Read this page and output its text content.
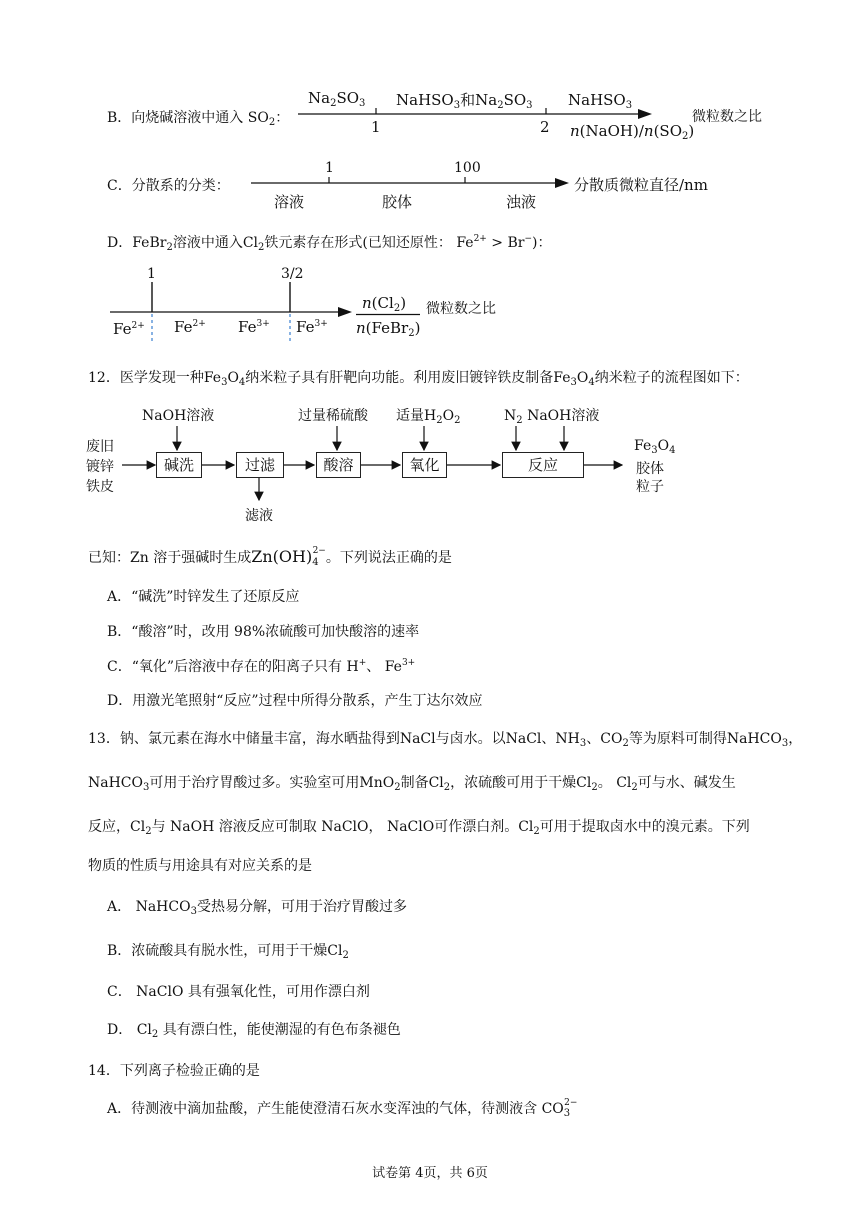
B．向烧碱溶液中通入 $SO_2$：
$Na_2SO_3$ NaHSO$_3$和$Na_2SO_3$ NaHSO$_3$
1	2 $n(NaOH)/n(SO_2)$
微粒数之比
C．分散系的分类：
1	100
溶液	胶体	浊液
分散质微粒直径/nm
D．FeBr$_2$溶液中通入$Cl_2$铁元素存在形式(已知还原性： $Fe^{2+} > Br^-$)：
1	3/2
$Fe^{2+}$ $Fe^{2+}$ $Fe^{3+}$ $Fe^{3+}$
$n(Cl_2)$
n(FeBr$_2$)
微粒数之比
12．医学发现一种$Fe_3O_4$纳米粒子具有肝靶向功能。利用废旧镀锌铁皮制备$Fe_3O_4$纳米粒子的流程图如下：
废旧
镀锌
铁皮
NaOH溶液	过量稀硫酸 适量$H_2O_2$	$N_2$ NaOH溶液
碱洗	过滤	酸溶	氧化	反应
滤液
$Fe_3O_4$
胶体
粒子
已知：Zn 溶于强碱时生成$Zn(OH)_4^{2-}$。下列说法正确的是
A．“碱洗”时锌发生了还原反应
B．“酸溶”时，改用 98%浓硫酸可加快酸溶的速率
C．“氧化”后溶液中存在的阳离子只有 H+、 $Fe^{3+}$
D．用激光笔照射“反应”过程中所得分散系，产生丁达尔效应
13．钠、氯元素在海水中储量丰富，海水晒盐得到NaCl与卤水。以NaCl、$NH_3$、$CO_2$等为原料可制得NaHCO$_3$，
NaHCO$_3$可用于治疗胃酸过多。实验室可用MnO$_2$制备$Cl_2$，浓硫酸可用于干燥$Cl_2$。 $Cl_2$可与水、碱发生
反应，$Cl_2$与 NaOH 溶液反应可制取 NaClO， NaClO可作漂白剂。$Cl_2$可用于提取卤水中的溴元素。下列
物质的性质与用途具有对应关系的是
A． NaHCO$_3$受热易分解，可用于治疗胃酸过多
B．浓硫酸具有脱水性，可用于干燥$Cl_2$
C． NaClO 具有强氧化性，可用作漂白剂
D． $Cl_2$ 具有漂白性，能使潮湿的有色布条褪色
14．下列离子检验正确的是
A．待测液中滴加盐酸，产生能使澄清石灰水变浑浊的气体，待测液含 $CO_3^{2-}$
试卷第 4页，共 6页
